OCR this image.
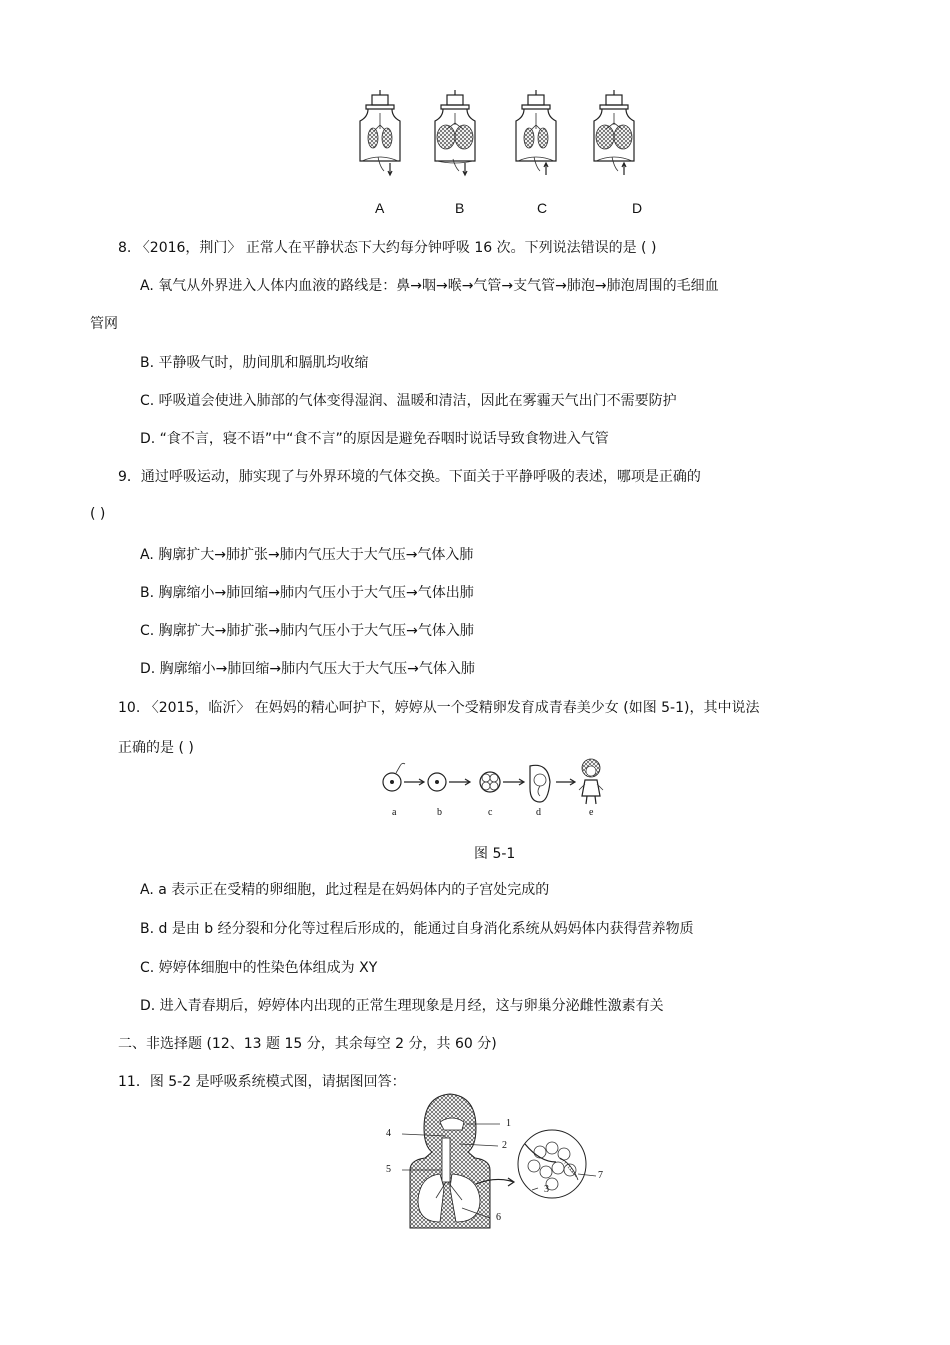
A	B	C	D
8. 〈2016，荆门〉 正常人在平静状态下大约每分钟呼吸 16 次。下列说法错误的是 ( )
A. 氧气从外界进入人体内血液的路线是：鼻→咽→喉→气管→支气管→肺泡→肺泡周围的毛细血
管网
B. 平静吸气时，肋间肌和膈肌均收缩
C. 呼吸道会使进入肺部的气体变得湿润、温暖和清洁，因此在雾霾天气出门不需要防护
D. “食不言，寝不语”中“食不言”的原因是避免吞咽时说话导致食物进入气管
9．通过呼吸运动，肺实现了与外界环境的气体交换。下面关于平静呼吸的表述，哪项是正确的
( )
A. 胸廓扩大→肺扩张→肺内气压大于大气压→气体入肺
B. 胸廓缩小→肺回缩→肺内气压小于大气压→气体出肺
C. 胸廓扩大→肺扩张→肺内气压小于大气压→气体入肺
D. 胸廓缩小→肺回缩→肺内气压大于大气压→气体入肺
10. 〈2015，临沂〉 在妈妈的精心呵护下，婷婷从一个受精卵发育成青春美少女 (如图 5-1)，其中说法
正确的是 ( )
a	b	c	d	e
图 5-1
A. a 表示正在受精的卵细胞，此过程是在妈妈体内的子宫处完成的
B. d 是由 b 经分裂和分化等过程后形成的，能通过自身消化系统从妈妈体内获得营养物质
C. 婷婷体细胞中的性染色体组成为 XY
D. 进入青春期后，婷婷体内出现的正常生理现象是月经，这与卵巢分泌雌性激素有关
二、非选择题 (12、13 题 15 分，其余每空 2 分，共 60 分)
11．图 5-2 是呼吸系统模式图，请据图回答：
1
2
3
4
5
6
7
